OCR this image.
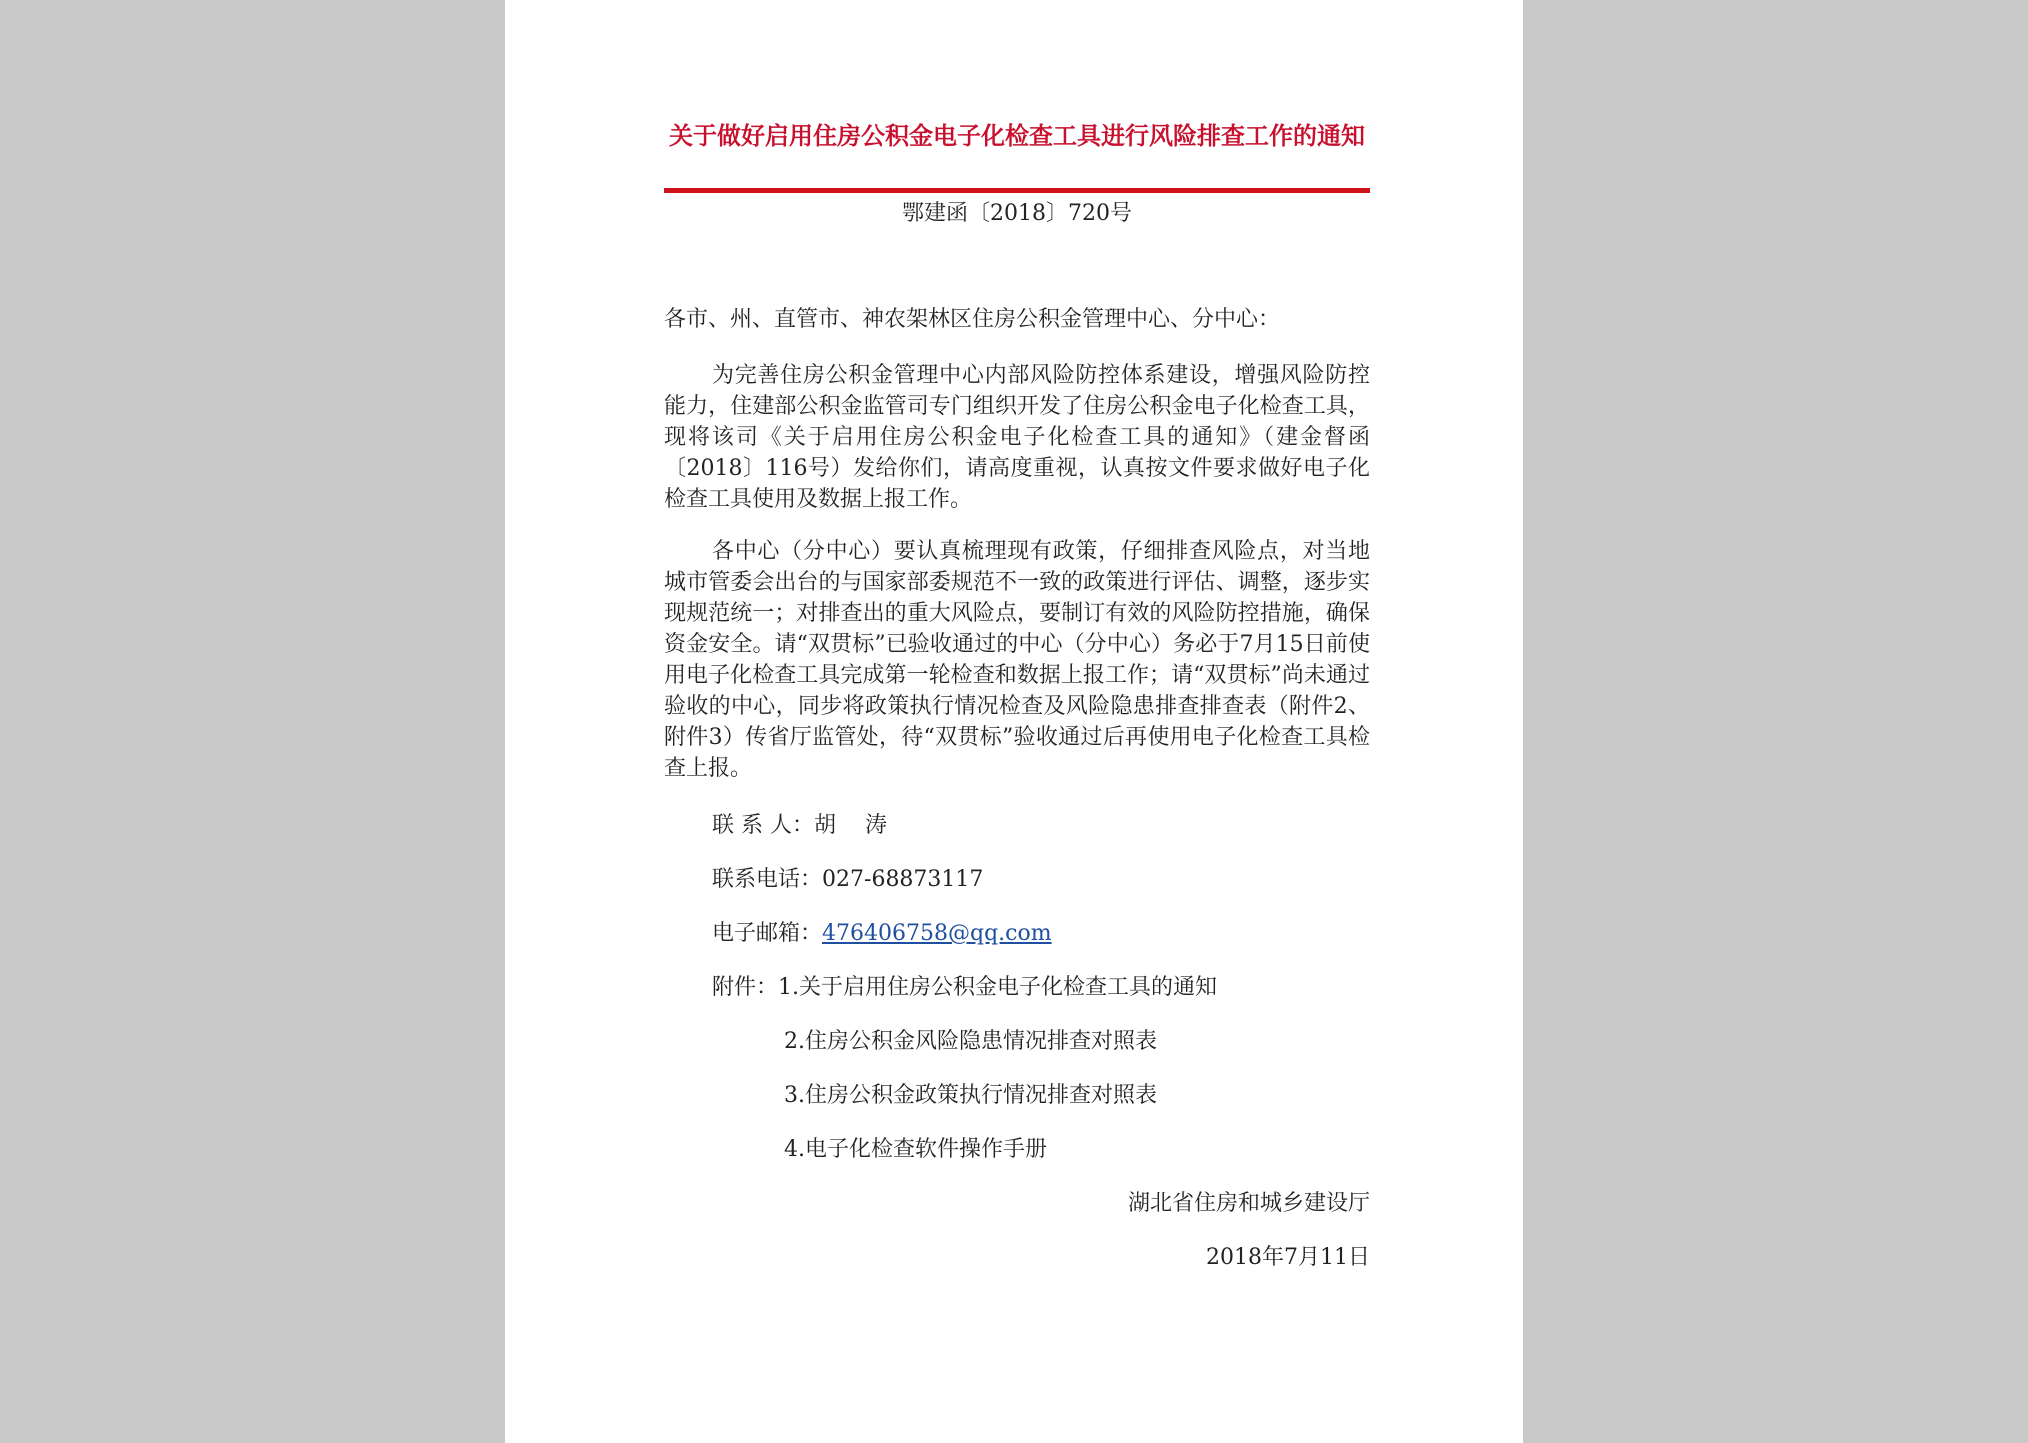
关于做好启用住房公积金电子化检查工具进行风险排查工作的通知
鄂建函〔2018〕720号
各市、州、直管市、神农架林区住房公积金管理中心、分中心：
为完善住房公积金管理中心内部风险防控体系建设，增强风险防控能力，住建部公积金监管司专门组织开发了住房公积金电子化检查工具，现将该司《关于启用住房公积金电子化检查工具的通知》（建金督函〔2018〕116号）发给你们，请高度重视，认真按文件要求做好电子化检查工具使用及数据上报工作。
各中心（分中心）要认真梳理现有政策，仔细排查风险点，对当地城市管委会出台的与国家部委规范不一致的政策进行评估、调整，逐步实现规范统一；对排查出的重大风险点，要制订有效的风险防控措施，确保资金安全。请“双贯标”已验收通过的中心（分中心）务必于7月15日前使用电子化检查工具完成第一轮检查和数据上报工作；请“双贯标”尚未通过验收的中心，同步将政策执行情况检查及风险隐患排查排查表（附件2、附件3）传省厅监管处，待“双贯标”验收通过后再使用电子化检查工具检查上报。
联 系 人：胡　 涛
联系电话：027-68873117
电子邮箱：476406758@qq.com
附件：1.关于启用住房公积金电子化检查工具的通知
2.住房公积金风险隐患情况排查对照表
3.住房公积金政策执行情况排查对照表
4.电子化检查软件操作手册
湖北省住房和城乡建设厅
2018年7月11日
